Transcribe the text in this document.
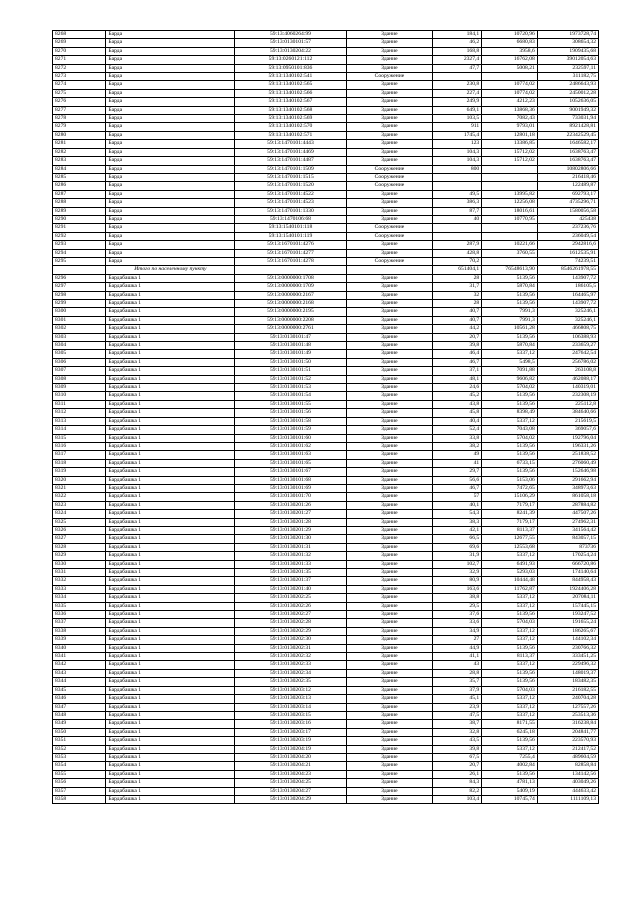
8268	Барда	59:13:4060264:99	Здание	184,1	10720,96	1973728,74
8269	Барда	59:13:0130101:57	Здание	46,2	6680,83	308654,32
8270	Барда	59:13:0130204:22	Здание	168,8	3958,6	1909435,68
8271	Барда	59:13:0260121:112	Здание	2327,4	16762,08	39012054,63
8272	Барда	59:13:0950101:836	Здание	47,7	5008,21	232597,11
8273	Барда	59:13:1340102:541	Сооружение			311182,75
8274	Барда	59:13:1340102:565	Здание	230,8	10774,02	2486643,93
8275	Барда	59:13:1340102:566	Здание	227,4	10774,02	2450012,28
8276	Барда	59:13:1340102:567	Здание	249,9	4212,23	1052636,05
8277	Барда	59:13:1340102:568	Здание	649,1	13868,36	9001949,32
8278	Барда	59:13:1340102:569	Здание	103,5	7082,43	733031,94
8279	Барда	59:13:1340102:570	Здание	911	9793,01	8921428,81
8280	Барда	59:13:1340102:571	Здание	1745,4	12801,18	22342529,45
8281	Барда	59:13:1470101:4443	Здание	123	13386,85	1646582,17
8282	Барда	59:13:1470101:4469	Здание	104,3	15712,02	1638763,47
8283	Барда	59:13:1470101:4487	Здание	104,3	15712,02	1638763,47
8284	Барда	59:13:1470101:1509	Сооружение	800		10802806,66
8285	Барда	59:13:1470101:1515	Сооружение			216418,46
8286	Барда	59:13:1470101:1520	Сооружение			122489,87
8287	Барда	59:13:1470101:4522	Здание	49,5	13995,82	692793,17
8288	Барда	59:13:1470101:4523	Здание	386,3	12256,08	4735296,71
8289	Барда	59:13:1470101:1330	Здание	87,7	18016,61	1580056,58
8290	Барда	59:13:1470106:68	Здание	40	10770,95	425438
8291	Барда	59:13:1540101:118	Сооружение			237236,76
8292	Барда	59:13:1540101:119	Сооружение			236049,54
8293	Барда	59:13:1670101:4276	Здание	287,9	10221,66	2942816,6
8294	Барда	59:13:1670101:4277	Здание	428,8	3760,55	1612535,91
8295	Барда	59:13:1670101:4278	Сооружение	70,2		74239,51
	Итого по населенному пункту			651404,1	76548613,90	8546261978,55
8296	Бардабашка 1	59:13:0000000:1708	Здание	28	5139,56	143907,72
8297	Бардабашка 1	59:13:0000000:1709	Здание	31,7	5870,84	186105,5
8298	Бардабашка 1	59:13:0000000:2167	Здание	32	5139,56	164465,97
8299	Бардабашка 1	59:13:0000000:2168	Здание	28	5139,56	143907,72
8300	Бардабашка 1	59:13:0000000:2195	Здание	40,7	7991,3	325246,1
8301	Бардабашка 1	59:13:0000000:2208	Здание	40,7	7991,3	325246,1
8302	Бардабашка 1	59:13:0000000:2761	Здание	44,2	10561,28	466808,75
8303	Бардабашка 1	59:13:0130101:47	Здание	20,7	5139,56	106388,93
8304	Бардабашка 1	59:13:0130101:48	Здание	39,8	5870,84	233659,27
8305	Бардабашка 1	59:13:0130101:49	Здание	46,4	5337,12	247642,54
8306	Бардабашка 1	59:13:0130101:50	Здание	46,7	5498,5	256786,02
8307	Бардабашка 1	59:13:0130101:51	Здание	37,1	7091,88	263108,8
8308	Бардабашка 1	59:13:0130101:52	Здание	48,1	9606,82	462088,17
8309	Бардабашка 1	59:13:0130101:53	Здание	24,6	5704,02	140319,01
8310	Бардабашка 1	59:13:0130101:54	Здание	45,2	5139,56	232308,19
8311	Бардабашка 1	59:13:0130101:55	Здание	43,8	5139,56	225112,8
8312	Бардабашка 1	59:13:0130101:56	Здание	45,8	8398,49	384640,66
8313	Бардабашка 1	59:13:0130101:58	Здание	40,4	5337,12	215619,5
8314	Бардабашка 1	59:13:0130101:59	Здание	52,4	7043,08	369057,6
8315	Бардабашка 1	59:13:0130101:60	Здание	33,8	5704,02	192796,04
8316	Бардабашка 1	59:13:0130101:62	Здание	38,2	5139,56	196331,26
8317	Бардабашка 1	59:13:0130101:63	Здание	49	5139,56	251838,52
8318	Бардабашка 1	59:13:0130101:65	Здание	41	6733,15	276060,49
8319	Бардабашка 1	59:13:0130101:67	Здание	29,7	5139,56	152646,98
8320	Бардабашка 1	59:13:0130101:68	Здание	56,6	5153,06	291662,94
8321	Бардабашка 1	59:13:0130101:69	Здание	46,7	7472,65	348973,63
8322	Бардабашка 1	59:13:0130101:70	Здание	57	15106,29	861058,18
8323	Бардабашка 1	59:13:0130201:26	Здание	40,1	7179,17	287884,82
8324	Бардабашка 1	59:13:0130201:27	Здание	54,3	8241,39	447507,26
8325	Бардабашка 1	59:13:0130201:28	Здание	38,3	7179,17	274962,31
8326	Бардабашка 1	59:13:0130201:29	Здание	42,1	8113,37	341564,42
8327	Бардабашка 1	59:13:0130201:30	Здание	66,5	12677,55	843057,15
8328	Бардабашка 1	59:13:0130201:31	Здание	69,6	12553,68	873736
8329	Бардабашка 1	59:13:0130201:32	Здание	31,9	5337,12	170254,24
8330	Бардабашка 1	59:13:0130201:33	Здание	102,7	6491,93	666720,86
8331	Бардабашка 1	59:13:0130201:35	Здание	32,9	5293,03	174140,64
8332	Бардабашка 1	59:13:0130201:37	Здание	80,9	10444,48	844958,43
8333	Бардабашка 1	59:13:0130201:40	Здание	163,6	11762,87	1924406,28
8334	Бардабашка 1	59:13:0130202:25	Здание	38,8	5337,12	207084,11
8335	Бардабашка 1	59:13:0130202:26	Здание	29,5	5337,12	157445,15
8336	Бардабашка 1	59:13:0130202:27	Здание	37,6	5139,56	193247,52
8337	Бардабашка 1	59:13:0130202:28	Здание	33,6	5704,03	191655,24
8338	Бардабашка 1	59:13:0130202:29	Здание	34,9	5337,12	186265,67
8339	Бардабашка 1	59:13:0130202:30	Здание	27	5337,12	144102,34
8340	Бардабашка 1	59:13:0130202:31	Здание	44,9	5139,56	230766,32
8341	Бардабашка 1	59:13:0130202:32	Здание	41,1	8113,37	333451,25
8342	Бардабашка 1	59:13:0130202:33	Здание	43	5337,12	229496,32
8343	Бардабашка 1	59:13:0130202:34	Здание	28,8	5139,56	148019,37
8344	Бардабашка 1	59:13:0130202:35	Здание	35,7	5139,56	183482,35
8345	Бардабашка 1	59:13:0130203:12	Здание	37,9	5704,03	216182,55
8346	Бардабашка 1	59:13:0130203:13	Здание	45,1	5337,12	240704,28
8347	Бардабашка 1	59:13:0130203:14	Здание	23,9	5337,12	127557,26
8348	Бардабашка 1	59:13:0130203:15	Здание	47,5	5337,12	253513,36
8349	Бардабашка 1	59:13:0130203:16	Здание	38,7	8171,55	316238,84
8350	Бардабашка 1	59:13:0130203:17	Здание	32,8	6245,18	204841,77
8351	Бардабашка 1	59:13:0130203:19	Здание	43,5	5139,56	223570,93
8352	Бардабашка 1	59:13:0130204:19	Здание	39,8	5337,12	212417,52
8353	Бардабашка 1	59:13:0130204:20	Здание	67,5	7255,4	489604,59
8354	Бардабашка 1	59:13:0130204:21	Здание	20,7	4002,84	82858,84
8355	Бардабашка 1	59:13:0130204:23	Здание	26,1	5139,56	134142,56
8356	Бардабашка 1	59:13:0130204:25	Здание	84,3	4781,13	403049,26
8357	Бардабашка 1	59:13:0130204:27	Здание	82,2	5409,19	444633,42
8358	Бардабашка 1	59:13:0130204:29	Здание	103,4	10745,74	1111109,13
